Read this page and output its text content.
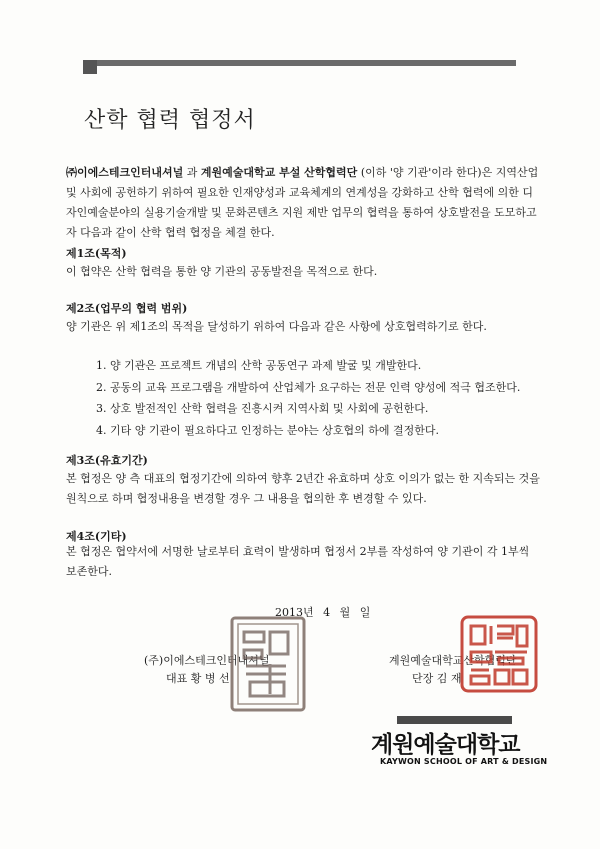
산학 협력 협정서

㈜이에스테크인터내셔널 과 계원예술대학교 부설 산학협력단 (이하 '양 기관'이라 한다)은 지역산업 및 사회에 공헌하기 위하여 필요한 인재양성과 교육체계의 연계성을 강화하고 산학 협력에 의한 디자인예술분야의 실용기술개발 및 문화콘텐츠 지원 제반 업무의 협력을 통하여 상호발전을 도모하고자 다음과 같이 산학 협력 협정을 체결 한다.

제1조(목적)

이 협약은 산학 협력을 통한 양 기관의 공동발전을 목적으로 한다.

제2조(업무의 협력 범위)

양 기관은 위 제1조의 목적을 달성하기 위하여 다음과 같은 사항에 상호협력하기로 한다.

1. 양 기관은 프로젝트 개념의 산학 공동연구 과제 발굴 및 개발한다.
2. 공동의 교육 프로그램을 개발하여 산업체가 요구하는 전문 인력 양성에 적극 협조한다.
3. 상호 발전적인 산학 협력을 진흥시켜 지역사회 및 사회에 공헌한다.
4. 기타 양 기관이 필요하다고 인정하는 분야는 상호협의 하에 결정한다.
제3조(유효기간)

본 협정은 양 측 대표의 협정기간에 의하여 향후 2년간 유효하며 상호 이의가 없는 한 지속되는 것을 원칙으로 하며 협정내용을 변경할 경우 그 내용을 협의한 후 변경할 수 있다.

제4조(기타)

본 협정은 협약서에 서명한 날로부터 효력이 발생하며 협정서 2부를 작성하여 양 기관이 각 1부씩 보존한다.

2013년 4 월 일
(주)이에스테크인터내셔널
대표 황 병 선
계원예술대학교산학협력단
단장 김 재
계원예술대학교
KAYWON SCHOOL OF ART & DESIGN
